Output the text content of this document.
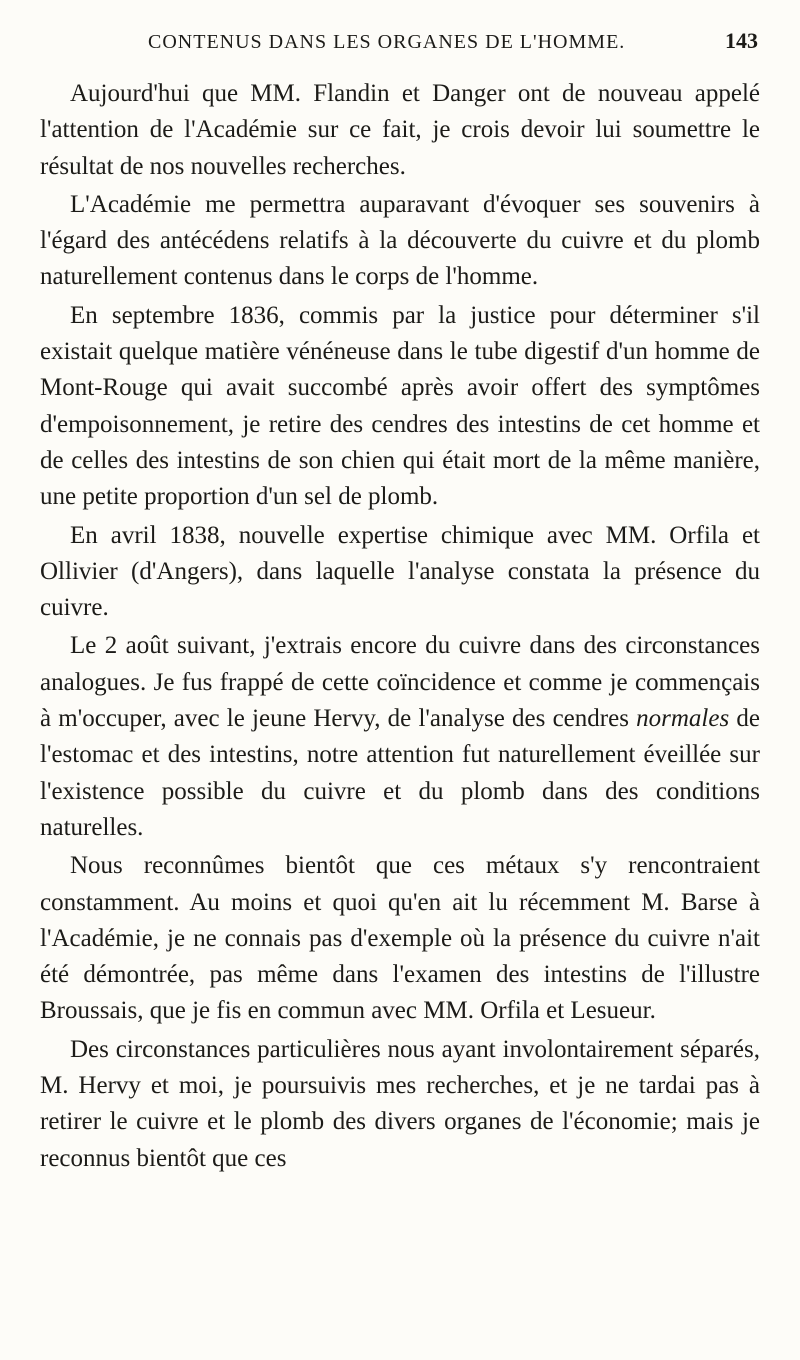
CONTENUS DANS LES ORGANES DE L'HOMME.	143

Aujourd'hui que MM. Flandin et Danger ont de nouveau appelé l'attention de l'Académie sur ce fait, je crois devoir lui soumettre le résultat de nos nouvelles recherches.

L'Académie me permettra auparavant d'évoquer ses souvenirs à l'égard des antécédens relatifs à la découverte du cuivre et du plomb naturellement contenus dans le corps de l'homme.

En septembre 1836, commis par la justice pour déterminer s'il existait quelque matière vénéneuse dans le tube digestif d'un homme de Mont-Rouge qui avait succombé après avoir offert des symptômes d'empoisonnement, je retire des cendres des intestins de cet homme et de celles des intestins de son chien qui était mort de la même manière, une petite proportion d'un sel de plomb.

En avril 1838, nouvelle expertise chimique avec MM. Orfila et Ollivier (d'Angers), dans laquelle l'analyse constata la présence du cuivre.

Le 2 août suivant, j'extrais encore du cuivre dans des circonstances analogues. Je fus frappé de cette coïncidence et comme je commençais à m'occuper, avec le jeune Hervy, de l'analyse des cendres normales de l'estomac et des intestins, notre attention fut naturellement éveillée sur l'existence possible du cuivre et du plomb dans des conditions naturelles.

Nous reconnûmes bientôt que ces métaux s'y rencontraient constamment. Au moins et quoi qu'en ait lu récemment M. Barse à l'Académie, je ne connais pas d'exemple où la présence du cuivre n'ait été démontrée, pas même dans l'examen des intestins de l'illustre Broussais, que je fis en commun avec MM. Orfila et Lesueur.

Des circonstances particulières nous ayant involontairement séparés, M. Hervy et moi, je poursuivis mes recherches, et je ne tardai pas à retirer le cuivre et le plomb des divers organes de l'économie; mais je reconnus bientôt que ces
